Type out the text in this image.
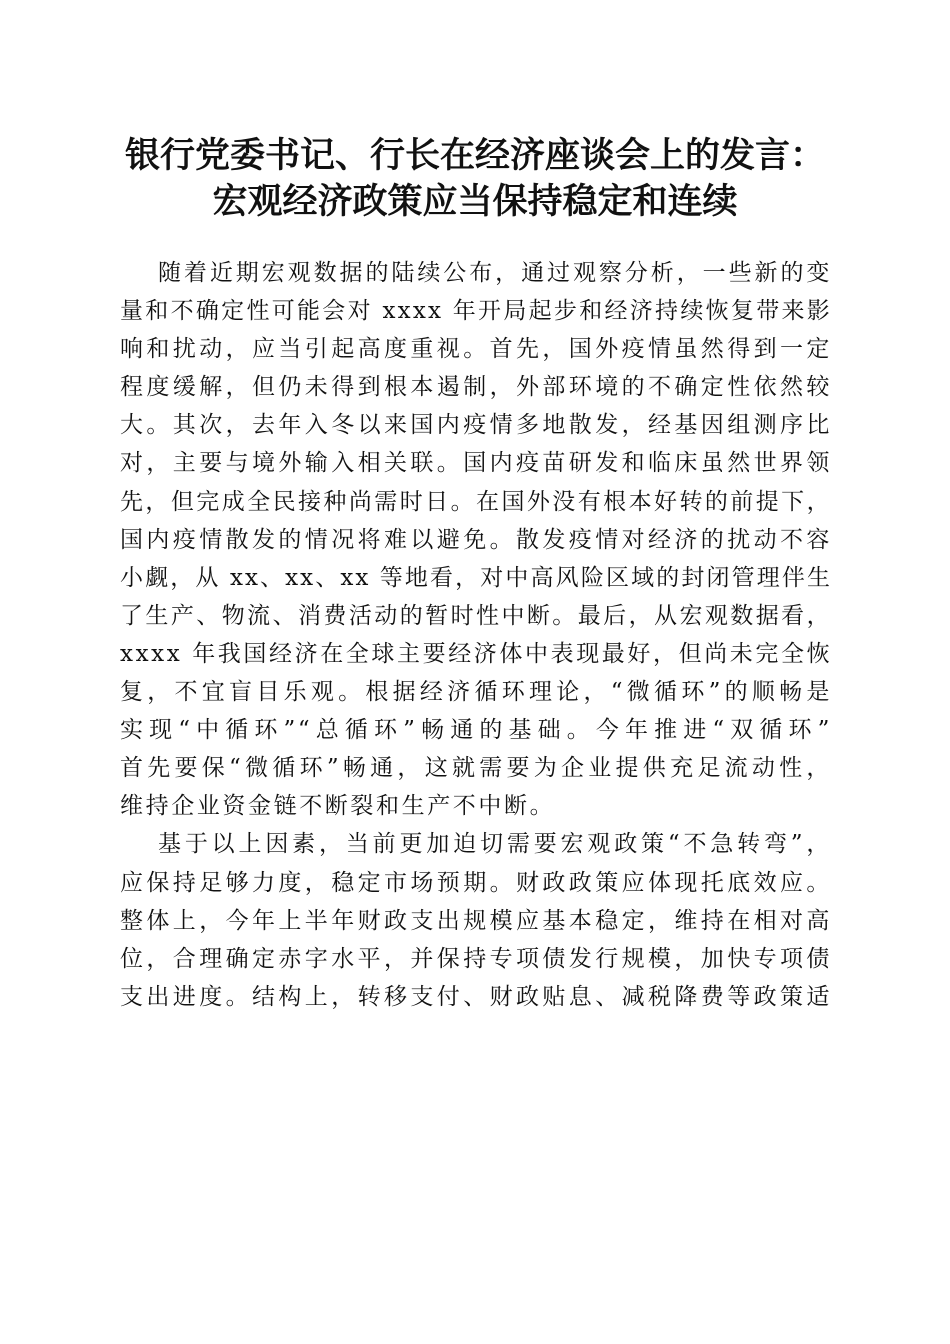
银行党委书记、行长在经济座谈会上的发言：
宏观经济政策应当保持稳定和连续
随着近期宏观数据的陆续公布，通过观察分析，一些新的变
量和不确定性可能会对 xxxx 年开局起步和经济持续恢复带来影
响和扰动，应当引起高度重视。首先，国外疫情虽然得到一定
程度缓解，但仍未得到根本遏制，外部环境的不确定性依然较
大。其次，去年入冬以来国内疫情多地散发，经基因组测序比
对，主要与境外输入相关联。国内疫苗研发和临床虽然世界领
先，但完成全民接种尚需时日。在国外没有根本好转的前提下，
国内疫情散发的情况将难以避免。散发疫情对经济的扰动不容
小觑，从 xx、xx、xx 等地看，对中高风险区域的封闭管理伴生
了生产、物流、消费活动的暂时性中断。最后，从宏观数据看，
xxxx 年我国经济在全球主要经济体中表现最好，但尚未完全恢
复，不宜盲目乐观。根据经济循环理论，“微循环”的顺畅是
实现“中循环”“总循环”畅通的基础。今年推进“双循环”
首先要保“微循环”畅通，这就需要为企业提供充足流动性，
维持企业资金链不断裂和生产不中断。
基于以上因素，当前更加迫切需要宏观政策“不急转弯”，
应保持足够力度，稳定市场预期。财政政策应体现托底效应。
整体上，今年上半年财政支出规模应基本稳定，维持在相对高
位，合理确定赤字水平，并保持专项债发行规模，加快专项债
支出进度。结构上，转移支付、财政贴息、减税降费等政策适
